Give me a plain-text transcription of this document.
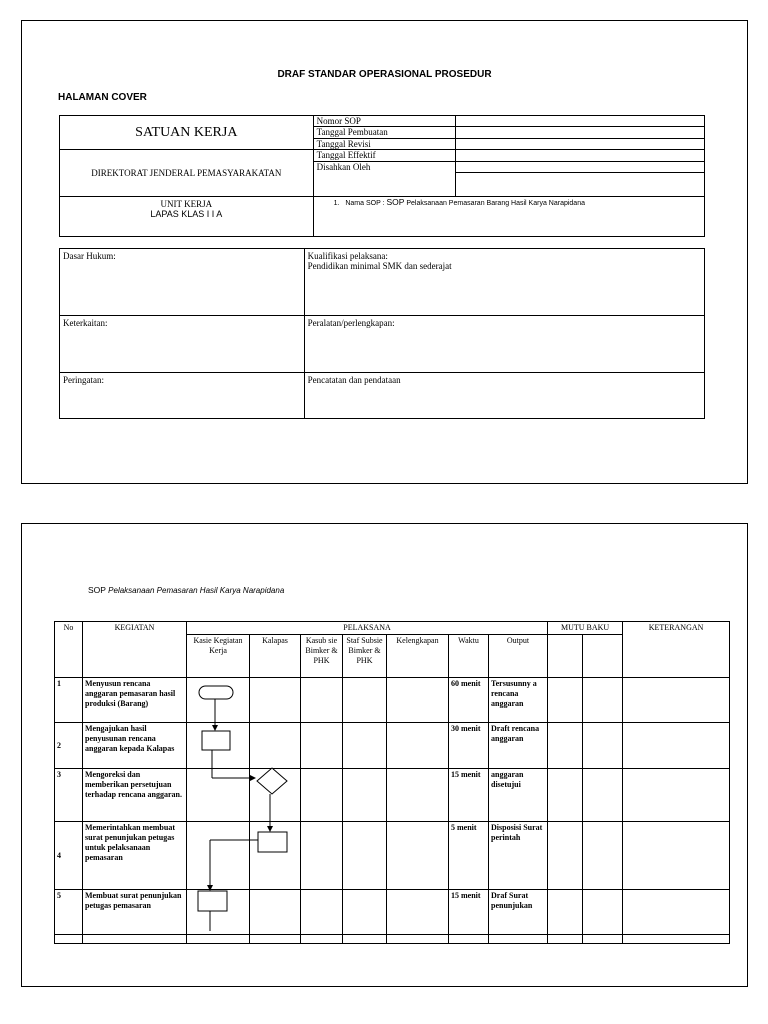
DRAF STANDAR OPERASIONAL PROSEDUR
HALAMAN COVER
SATUAN KERJA	Nomor SOP	

	Tanggal Pembuatan
Tanggal Revisi	

DIREKTORAT JENDERAL PEMASYARAKATAN	Tanggal Effektif
Disahkan Oleh	

UNIT KERJA
LAPAS KLAS I I A	1. Nama SOP : SOP Pelaksanaan Pemasaran Barang Hasil Karya Narapidana	
Dasar Hukum:	Kualifikasi pelaksana:
Pendidikan minimal SMK dan sederajat

Keterkaitan:	Peralatan/perlengkapan:
Peringatan:	Pencatatan dan pendataan
SOP Pelaksanaan Pemasaran Hasil Karya Narapidana
No	KEGIATAN	PELAKSANA							MUTU BAKU		KETERANGAN
		Kasie Kegiatan Kerja	Kalapas	Kasub sie Bimker & PHK	Staf Subsie Bimker & PHK	Kelengkapan	Waktu	Output			
1	Menyusun rencana anggaran pemasaran hasil produksi (Barang)						60 menit	Tersusunny a rencana anggaran			
2	Mengajukan hasil penyusunan rencana anggaran kepada Kalapas						30 menit	Draft rencana anggaran			
3	Mengoreksi dan memberikan persetujuan terhadap rencana anggaran.						15 menit	anggaran disetujui			
4	Memerintahkan membuat surat penunjukan petugas untuk pelaksanaan pemasaran						5 menit	Disposisi Surat perintah			
5	Membuat surat penunjukan petugas pemasaran						15 menit	Draf Surat penunjukan			
